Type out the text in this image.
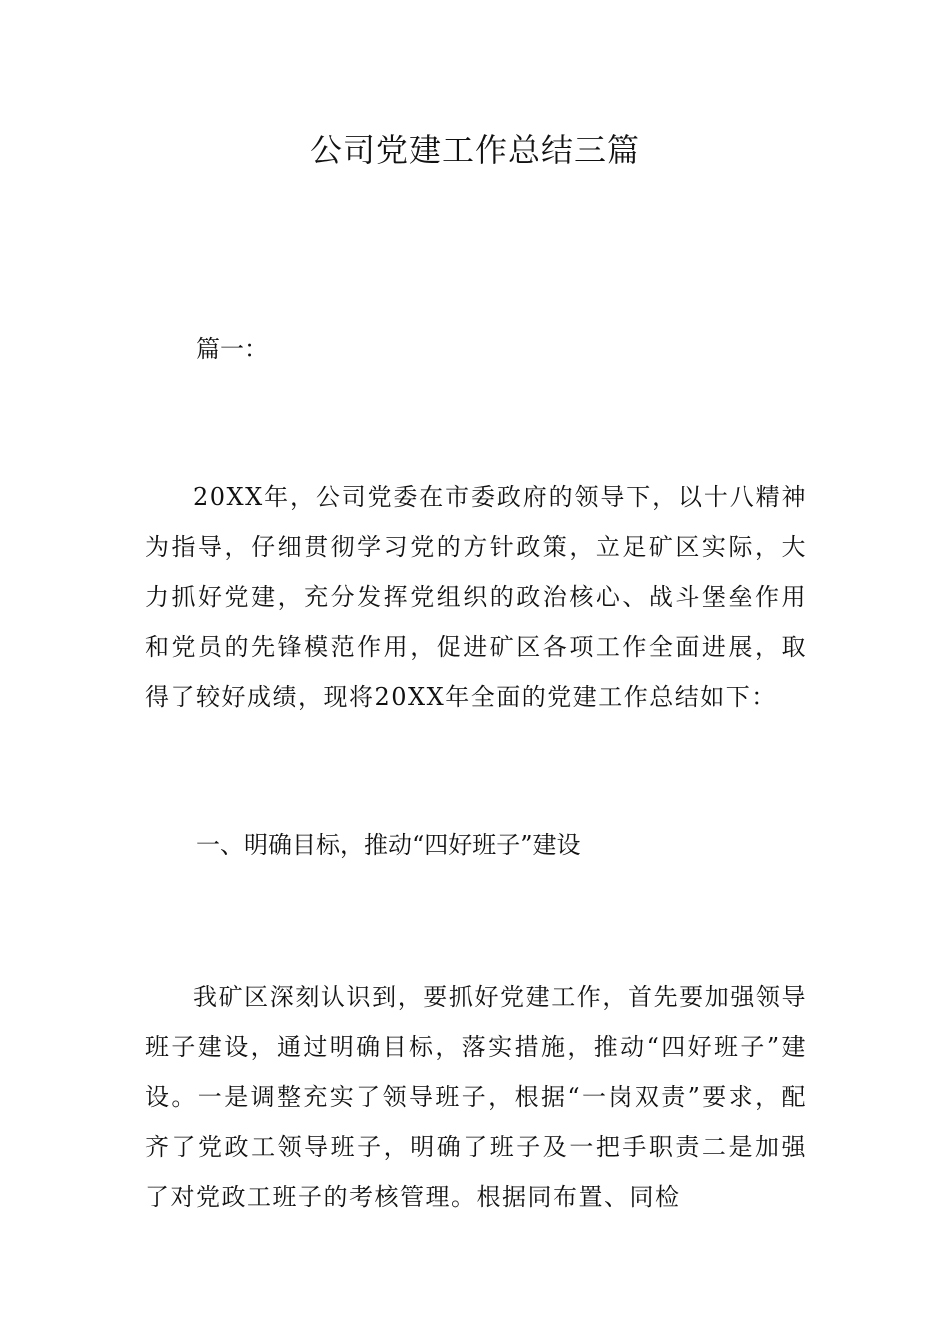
公司党建工作总结三篇

篇一：

20XX年，公司党委在市委政府的领导下，以十八精神为指导，仔细贯彻学习党的方针政策，立足矿区实际，大力抓好党建，充分发挥党组织的政治核心、战斗堡垒作用和党员的先锋模范作用，促进矿区各项工作全面进展，取得了较好成绩，现将20XX年全面的党建工作总结如下：

一、明确目标，推动“四好班子”建设

我矿区深刻认识到，要抓好党建工作，首先要加强领导班子建设，通过明确目标，落实措施，推动“四好班子”建设。一是调整充实了领导班子，根据“一岗双责”要求，配齐了党政工领导班子，明确了班子及一把手职责二是加强了对党政工班子的考核管理。根据同布置、同检
